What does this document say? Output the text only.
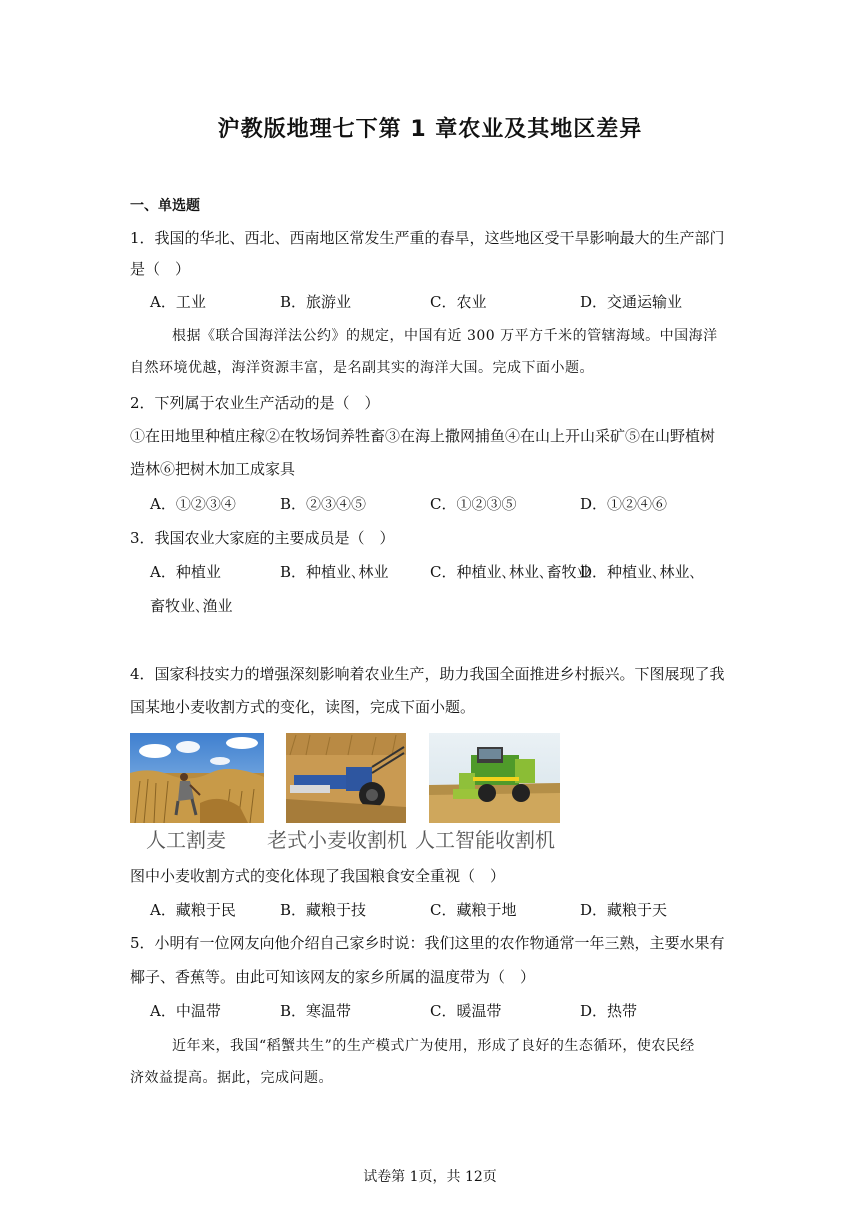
沪教版地理七下第 1 章农业及其地区差异
一、单选题
1．我国的华北、西北、西南地区常发生严重的春旱，这些地区受干旱影响最大的生产部门
是（　）
A．工业	B．旅游业	C．农业	D．交通运输业
根据《联合国海洋法公约》的规定，中国有近 300 万平方千米的管辖海域。中国海洋
自然环境优越，海洋资源丰富，是名副其实的海洋大国。完成下面小题。
2．下列属于农业生产活动的是（　）
①在田地里种植庄稼②在牧场饲养牲畜③在海上撒网捕鱼④在山上开山采矿⑤在山野植树
造林⑥把树木加工成家具
A．①②③④	B．②③④⑤	C．①②③⑤	D．①②④⑥
3．我国农业大家庭的主要成员是（　）
A．种植业	B．种植业､林业	C．种植业､林业､畜牧业
D．种植业､林业､
畜牧业､渔业
4．国家科技实力的增强深刻影响着农业生产，助力我国全面推进乡村振兴。下图展现了我
国某地小麦收割方式的变化，读图，完成下面小题。
人工割麦 老式小麦收割机 人工智能收割机
图中小麦收割方式的变化体现了我国粮食安全重视（　）
A．藏粮于民	B．藏粮于技	C．藏粮于地	D．藏粮于天
5．小明有一位网友向他介绍自己家乡时说：我们这里的农作物通常一年三熟，主要水果有
椰子、香蕉等。由此可知该网友的家乡所属的温度带为（　）
A．中温带	B．寒温带	C．暖温带	D．热带
近年来，我国“稻蟹共生”的生产模式广为使用，形成了良好的生态循环，使农民经
济效益提高。据此，完成问题。
试卷第 1页，共 12页
